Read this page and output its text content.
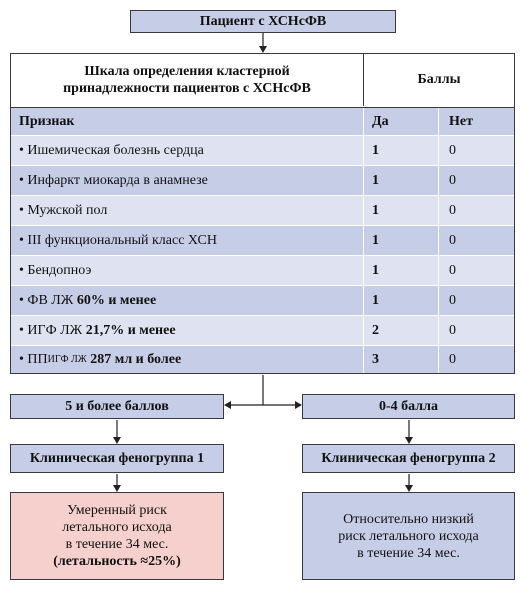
Пациент с ХСНсФВ
Шкала определения кластерной
принадлежности пациентов с ХСНсФВ
Баллы
Признак	Да	Нет
• Ишемическая болезнь сердца	1	0
• Инфаркт миокарда в анамнезе	1	0
• Мужской пол	1	0
• III функциональный класс ХСН	1	0
• Бендопноэ	1	0
• ФВ ЛЖ 60% и менее	1	0
• ИГФ ЛЖ 21,7% и менее	2	0
• ПП ИГФ ЛЖ 287 мл и более	3	0
5 и более баллов
Клиническая феногруппа 1
Умеренный риск
летального исхода
в течение 34 мес.
(летальность ≈25%)
0-4 балла
Клиническая феногруппа 2
Относительно низкий
риск летального исхода
в течение 34 мес.
